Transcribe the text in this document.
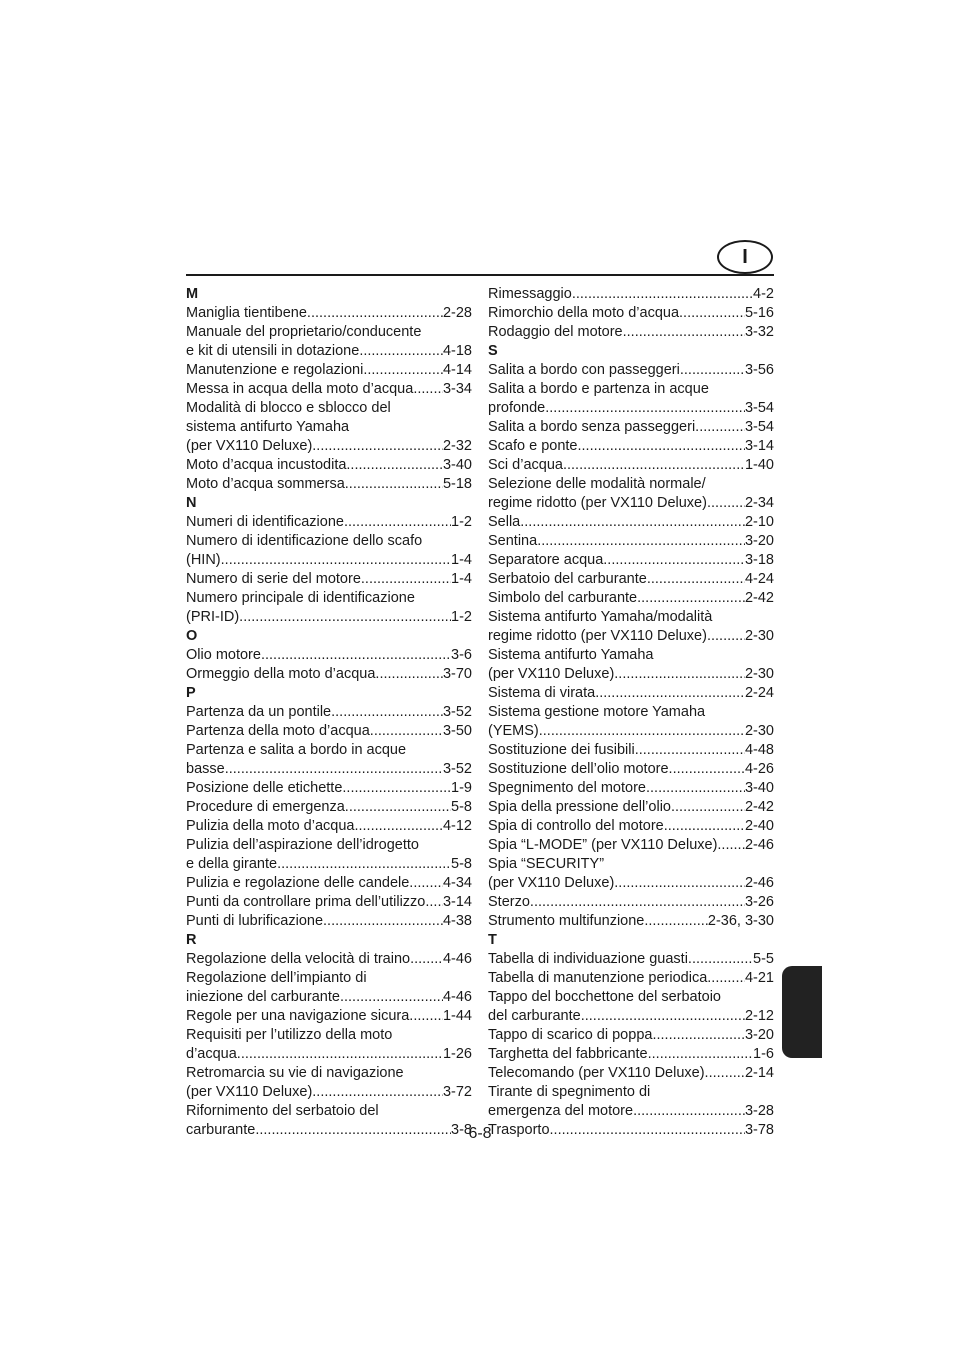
I
M
Maniglia tientibene .....	2-28
Manuale del proprietario/conducente
e kit di utensili in dotazione .....	4-18
Manutenzione e regolazioni .....	4-14
Messa in acqua della moto d’acqua ..... 3-34
Modalità di blocco e sblocco del
sistema antifurto Yamaha
(per VX110 Deluxe) .....	2-32
Moto d’acqua incustodita .....	3-40
Moto d’acqua sommersa .....	5-18
N
Numeri di identificazione .....	1-2
Numero di identificazione dello scafo
(HIN) .....	1-4
Numero di serie del motore .....	1-4
Numero principale di identificazione
(PRI-ID) .....	1-2
O
Olio motore .....	3-6
Ormeggio della moto d’acqua .....	3-70
P
Partenza da un pontile .....	3-52
Partenza della moto d’acqua .....	3-50
Partenza e salita a bordo in acque
basse .....	3-52
Posizione delle etichette .....	1-9
Procedure di emergenza .....	5-8
Pulizia della moto d’acqua .....	4-12
Pulizia dell’aspirazione dell’idrogetto
e della girante .....	5-8
Pulizia e regolazione delle candele ..... 4-34
Punti da controllare prima dell’utilizzo ..... 3-14
Punti di lubrificazione .....	4-38
R
Regolazione della velocità di traino ..... 4-46
Regolazione dell’impianto di
iniezione del carburante .....	4-46
Regole per una navigazione sicura ..... 1-44
Requisiti per l’utilizzo della moto
d’acqua .....	1-26
Retromarcia su vie di navigazione
(per VX110 Deluxe) .....	3-72
Rifornimento del serbatoio del
carburante .....	3-8
Rimessaggio .....	4-2
Rimorchio della moto d’acqua .....	5-16
Rodaggio del motore .....	3-32
S
Salita a bordo con passeggeri .....	3-56
Salita a bordo e partenza in acque
profonde .....	3-54
Salita a bordo senza passeggeri .....	3-54
Scafo e ponte .....	3-14
Sci d’acqua .....	1-40
Selezione delle modalità normale/
regime ridotto (per VX110 Deluxe) .....	2-34
Sella .....	2-10
Sentina .....	3-20
Separatore acqua .....	3-18
Serbatoio del carburante .....	4-24
Simbolo del carburante .....	2-42
Sistema antifurto Yamaha/modalità
regime ridotto (per VX110 Deluxe) .....	2-30
Sistema antifurto Yamaha
(per VX110 Deluxe) .....	2-30
Sistema di virata .....	2-24
Sistema gestione motore Yamaha
(YEMS) .....	2-30
Sostituzione dei fusibili .....	4-48
Sostituzione dell’olio motore .....	4-26
Spegnimento del motore .....	3-40
Spia della pressione dell’olio .....	2-42
Spia di controllo del motore .....	2-40
Spia “L-MODE” (per VX110 Deluxe) ..... 2-46
Spia “SECURITY”
(per VX110 Deluxe) .....	2-46
Sterzo .....	3-26
Strumento multifunzione .....	2-36, 3-30
T
Tabella di individuazione guasti .....	5-5
Tabella di manutenzione periodica .....	4-21
Tappo del bocchettone del serbatoio
del carburante .....	2-12
Tappo di scarico di poppa .....	3-20
Targhetta del fabbricante .....	1-6
Telecomando (per VX110 Deluxe) .....	2-14
Tirante di spegnimento di
emergenza del motore .....	3-28
Trasporto .....	3-78
6-8
